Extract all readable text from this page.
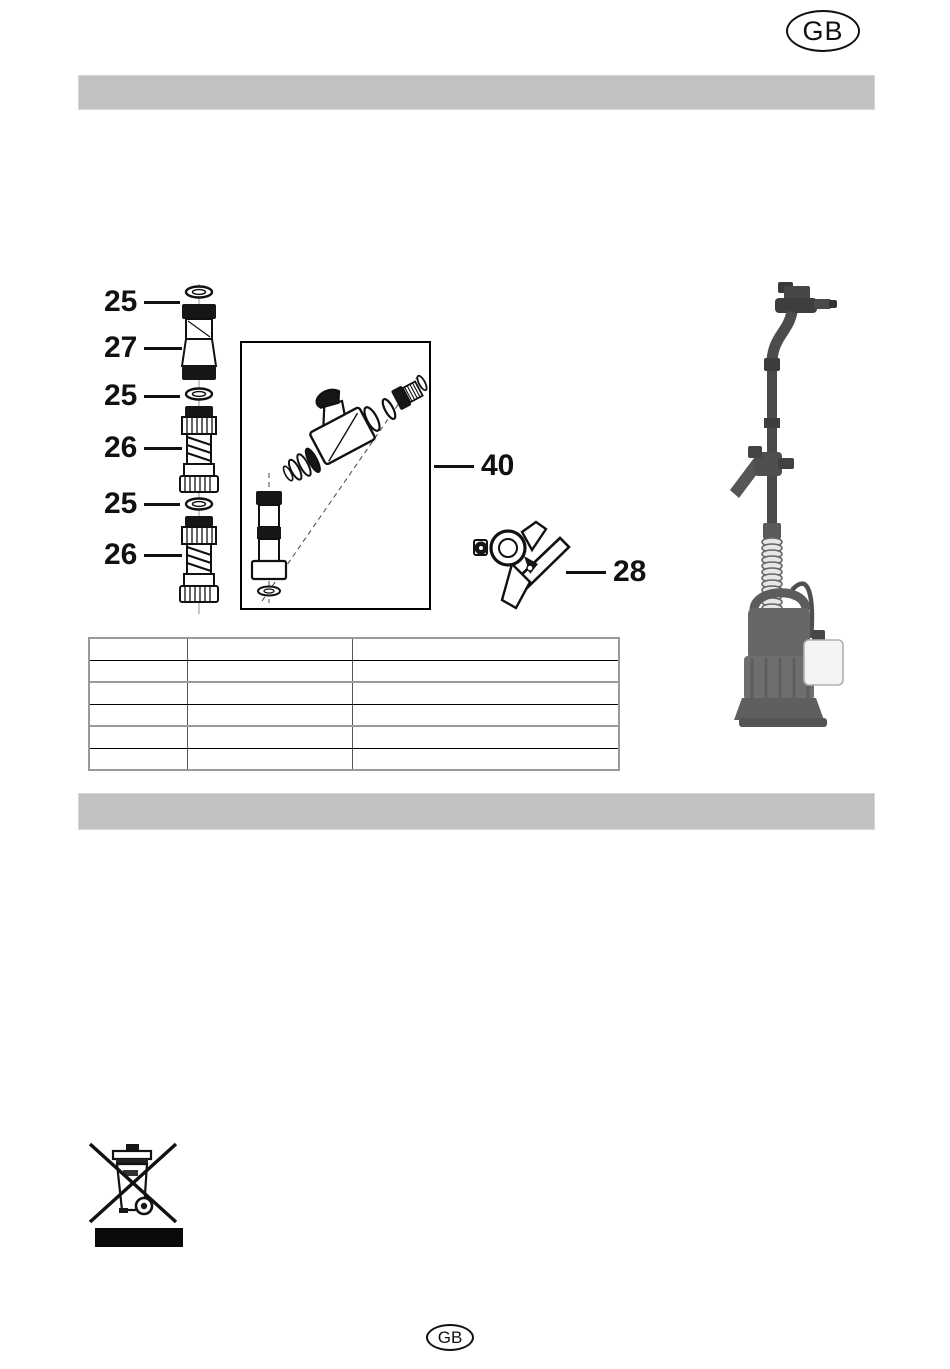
GB
25
27
25
26
25
26
40
28

GB
